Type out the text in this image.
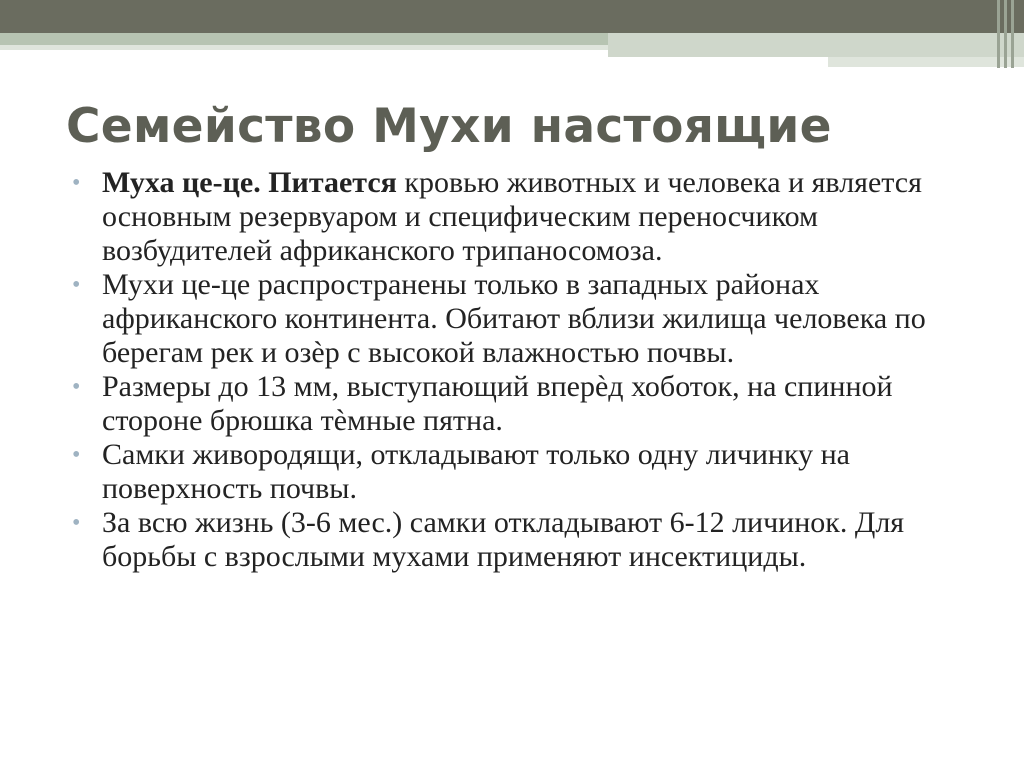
Семейство Мухи настоящие
• Муха це-це. Питается кровью животных и человека и является основным резервуаром и специфическим переносчиком возбудителей африканского трипаносомоза.
• Мухи це-це распространены только в западных районах африканского континента. Обитают вблизи жилища человека по берегам рек и озѐр с высокой влажностью почвы.
• Размеры до 13 мм, выступающий вперѐд хоботок, на спинной стороне брюшка тѐмные пятна.
• Самки живородящи, откладывают только одну личинку на поверхность почвы.
• За всю жизнь (3-6 мес.) самки откладывают 6-12 личинок. Для борьбы с взрослыми мухами применяют инсектициды.
